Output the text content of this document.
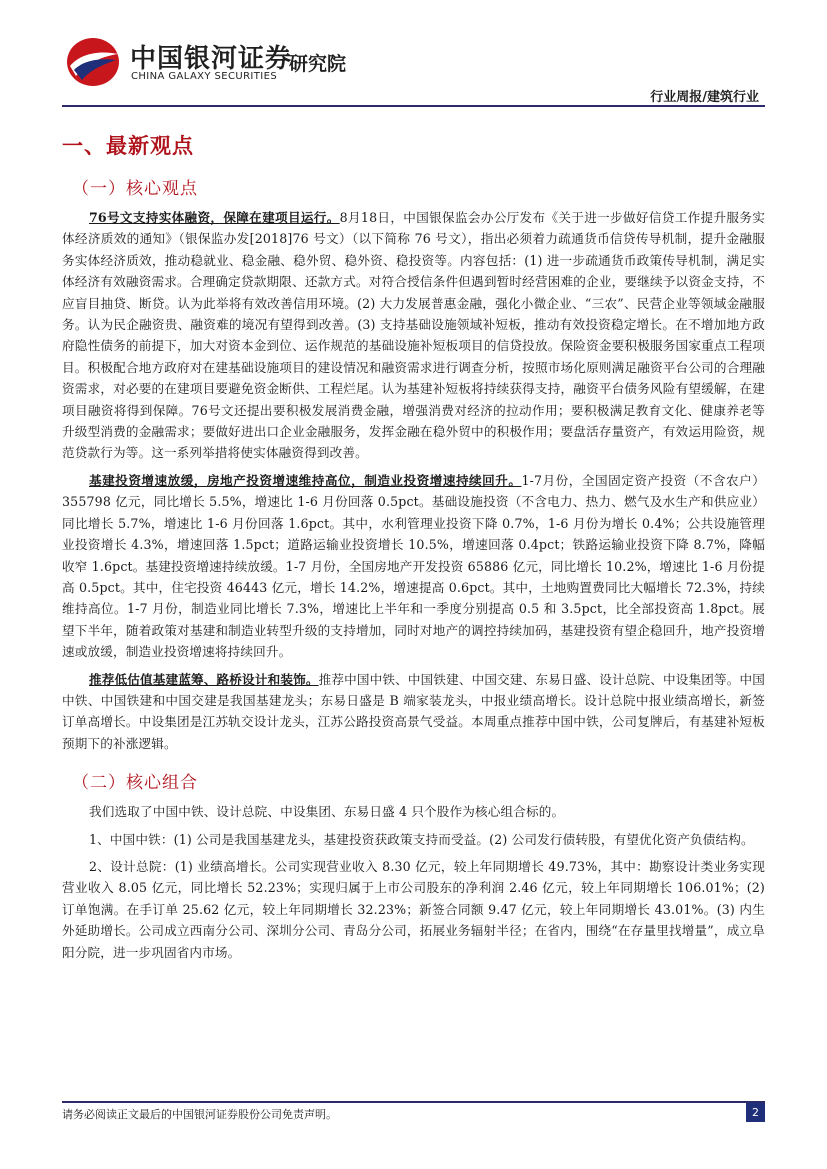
中国银河证券
CHINA GALAXY SECURITIES
研究院
行业周报/建筑行业
一、最新观点
（一）核心观点

76号文支持实体融资，保障在建项目运行。8月18日，中国银保监会办公厅发布《关于进一步做好信贷工作提升服务实体经济质效的通知》（银保监办发[2018]76 号文）（以下简称 76 号文），指出必须着力疏通货币信贷传导机制，提升金融服务实体经济质效，推动稳就业、稳金融、稳外贸、稳外资、稳投资等。内容包括：(1) 进一步疏通货币政策传导机制，满足实体经济有效融资需求。合理确定贷款期限、还款方式。对符合授信条件但遇到暂时经营困难的企业，要继续予以资金支持，不应盲目抽贷、断贷。认为此举将有效改善信用环境。(2) 大力发展普惠金融，强化小微企业、“三农”、民营企业等领域金融服务。认为民企融资贵、融资难的境况有望得到改善。(3) 支持基础设施领域补短板，推动有效投资稳定增长。在不增加地方政府隐性债务的前提下，加大对资本金到位、运作规范的基础设施补短板项目的信贷投放。保险资金要积极服务国家重点工程项目。积极配合地方政府对在建基础设施项目的建设情况和融资需求进行调查分析，按照市场化原则满足融资平台公司的合理融资需求，对必要的在建项目要避免资金断供、工程烂尾。认为基建补短板将持续获得支持，融资平台债务风险有望缓解，在建项目融资将得到保障。76号文还提出要积极发展消费金融，增强消费对经济的拉动作用；要积极满足教育文化、健康养老等升级型消费的金融需求；要做好进出口企业金融服务，发挥金融在稳外贸中的积极作用；要盘活存量资产，有效运用险资，规范贷款行为等。这一系列举措将使实体融资得到改善。

基建投资增速放缓，房地产投资增速维持高位，制造业投资增速持续回升。1-7月份，全国固定资产投资（不含农户）355798 亿元，同比增长 5.5%，增速比 1-6 月份回落 0.5pct。基础设施投资（不含电力、热力、燃气及水生产和供应业）同比增长 5.7%，增速比 1-6 月份回落 1.6pct。其中，水利管理业投资下降 0.7%，1-6 月份为增长 0.4%；公共设施管理业投资增长 4.3%，增速回落 1.5pct；道路运输业投资增长 10.5%，增速回落 0.4pct；铁路运输业投资下降 8.7%，降幅收窄 1.6pct。基建投资增速持续放缓。1-7 月份，全国房地产开发投资 65886 亿元，同比增长 10.2%，增速比 1-6 月份提高 0.5pct。其中，住宅投资 46443 亿元，增长 14.2%，增速提高 0.6pct。其中，土地购置费同比大幅增长 72.3%，持续维持高位。1-7 月份，制造业同比增长 7.3%，增速比上半年和一季度分别提高 0.5 和 3.5pct，比全部投资高 1.8pct。展望下半年，随着政策对基建和制造业转型升级的支持增加，同时对地产的调控持续加码，基建投资有望企稳回升，地产投资增速或放缓，制造业投资增速将持续回升。

推荐低估值基建蓝筹、路桥设计和装饰。推荐中国中铁、中国铁建、中国交建、东易日盛、设计总院、中设集团等。中国中铁、中国铁建和中国交建是我国基建龙头；东易日盛是 B 端家装龙头，中报业绩高增长。设计总院中报业绩高增长，新签订单高增长。中设集团是江苏轨交设计龙头，江苏公路投资高景气受益。本周重点推荐中国中铁，公司复牌后，有基建补短板预期下的补涨逻辑。

（二）核心组合

我们选取了中国中铁、设计总院、中设集团、东易日盛 4 只个股作为核心组合标的。

1、中国中铁：(1) 公司是我国基建龙头，基建投资获政策支持而受益。(2) 公司发行债转股，有望优化资产负债结构。

2、设计总院：(1) 业绩高增长。公司实现营业收入 8.30 亿元，较上年同期增长 49.73%，其中：勘察设计类业务实现营业收入 8.05 亿元，同比增长 52.23%；实现归属于上市公司股东的净利润 2.46 亿元，较上年同期增长 106.01%；(2) 订单饱满。在手订单 25.62 亿元，较上年同期增长 32.23%；新签合同额 9.47 亿元，较上年同期增长 43.01%。(3) 内生外延助增长。公司成立西南分公司、深圳分公司、青岛分公司，拓展业务辐射半径；在省内，围绕“在存量里找增量”，成立阜阳分院，进一步巩固省内市场。

请务必阅读正文最后的中国银河证券股份公司免责声明。	2
